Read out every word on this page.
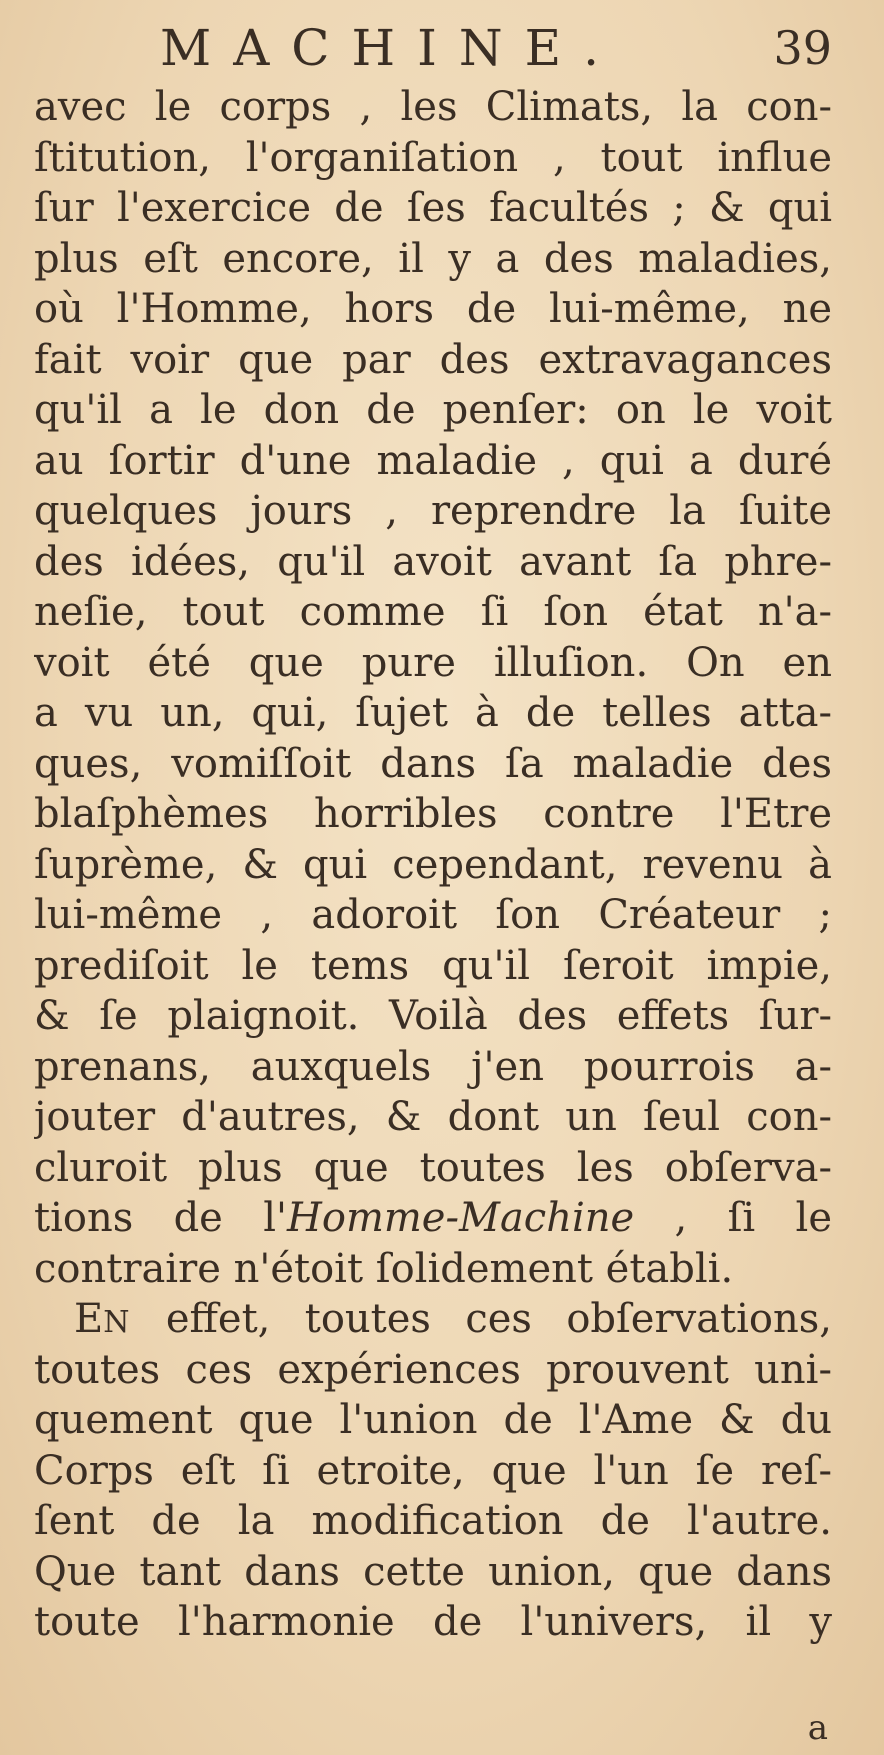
MACHINE.	39
avec le corps , les Climats, la con-
ſtitution, l'organiſation , tout influe
ſur l'exercice de ſes facultés ; & qui
plus eſt encore, il y a des maladies,
où l'Homme, hors de lui-même, ne
fait voir que par des extravagances
qu'il a le don de penſer: on le voit
au ſortir d'une maladie , qui a duré
quelques jours , reprendre la ſuite
des idées, qu'il avoit avant ſa phre-
neſie, tout comme ſi ſon état n'a-
voit été que pure illuſion. On en
a vu un, qui, ſujet à de telles atta-
ques, vomiſſoit dans ſa maladie des
blaſphèmes horribles contre l'Etre
ſuprème, & qui cependant, revenu à
lui-même , adoroit ſon Créateur ;
prediſoit le tems qu'il ſeroit impie,
& ſe plaignoit. Voilà des effets ſur-
prenans, auxquels j'en pourrois a-
jouter d'autres, & dont un ſeul con-
cluroit plus que toutes les obſerva-
tions de l'Homme-Machine , ſi le
contraire n'étoit ſolidement établi.
EN effet, toutes ces obſervations,
toutes ces expériences prouvent uni-
quement que l'union de l'Ame & du
Corps eſt ſi etroite, que l'un ſe reſ-
ſent de la modification de l'autre.
Que tant dans cette union, que dans
toute l'harmonie de l'univers, il y
a
